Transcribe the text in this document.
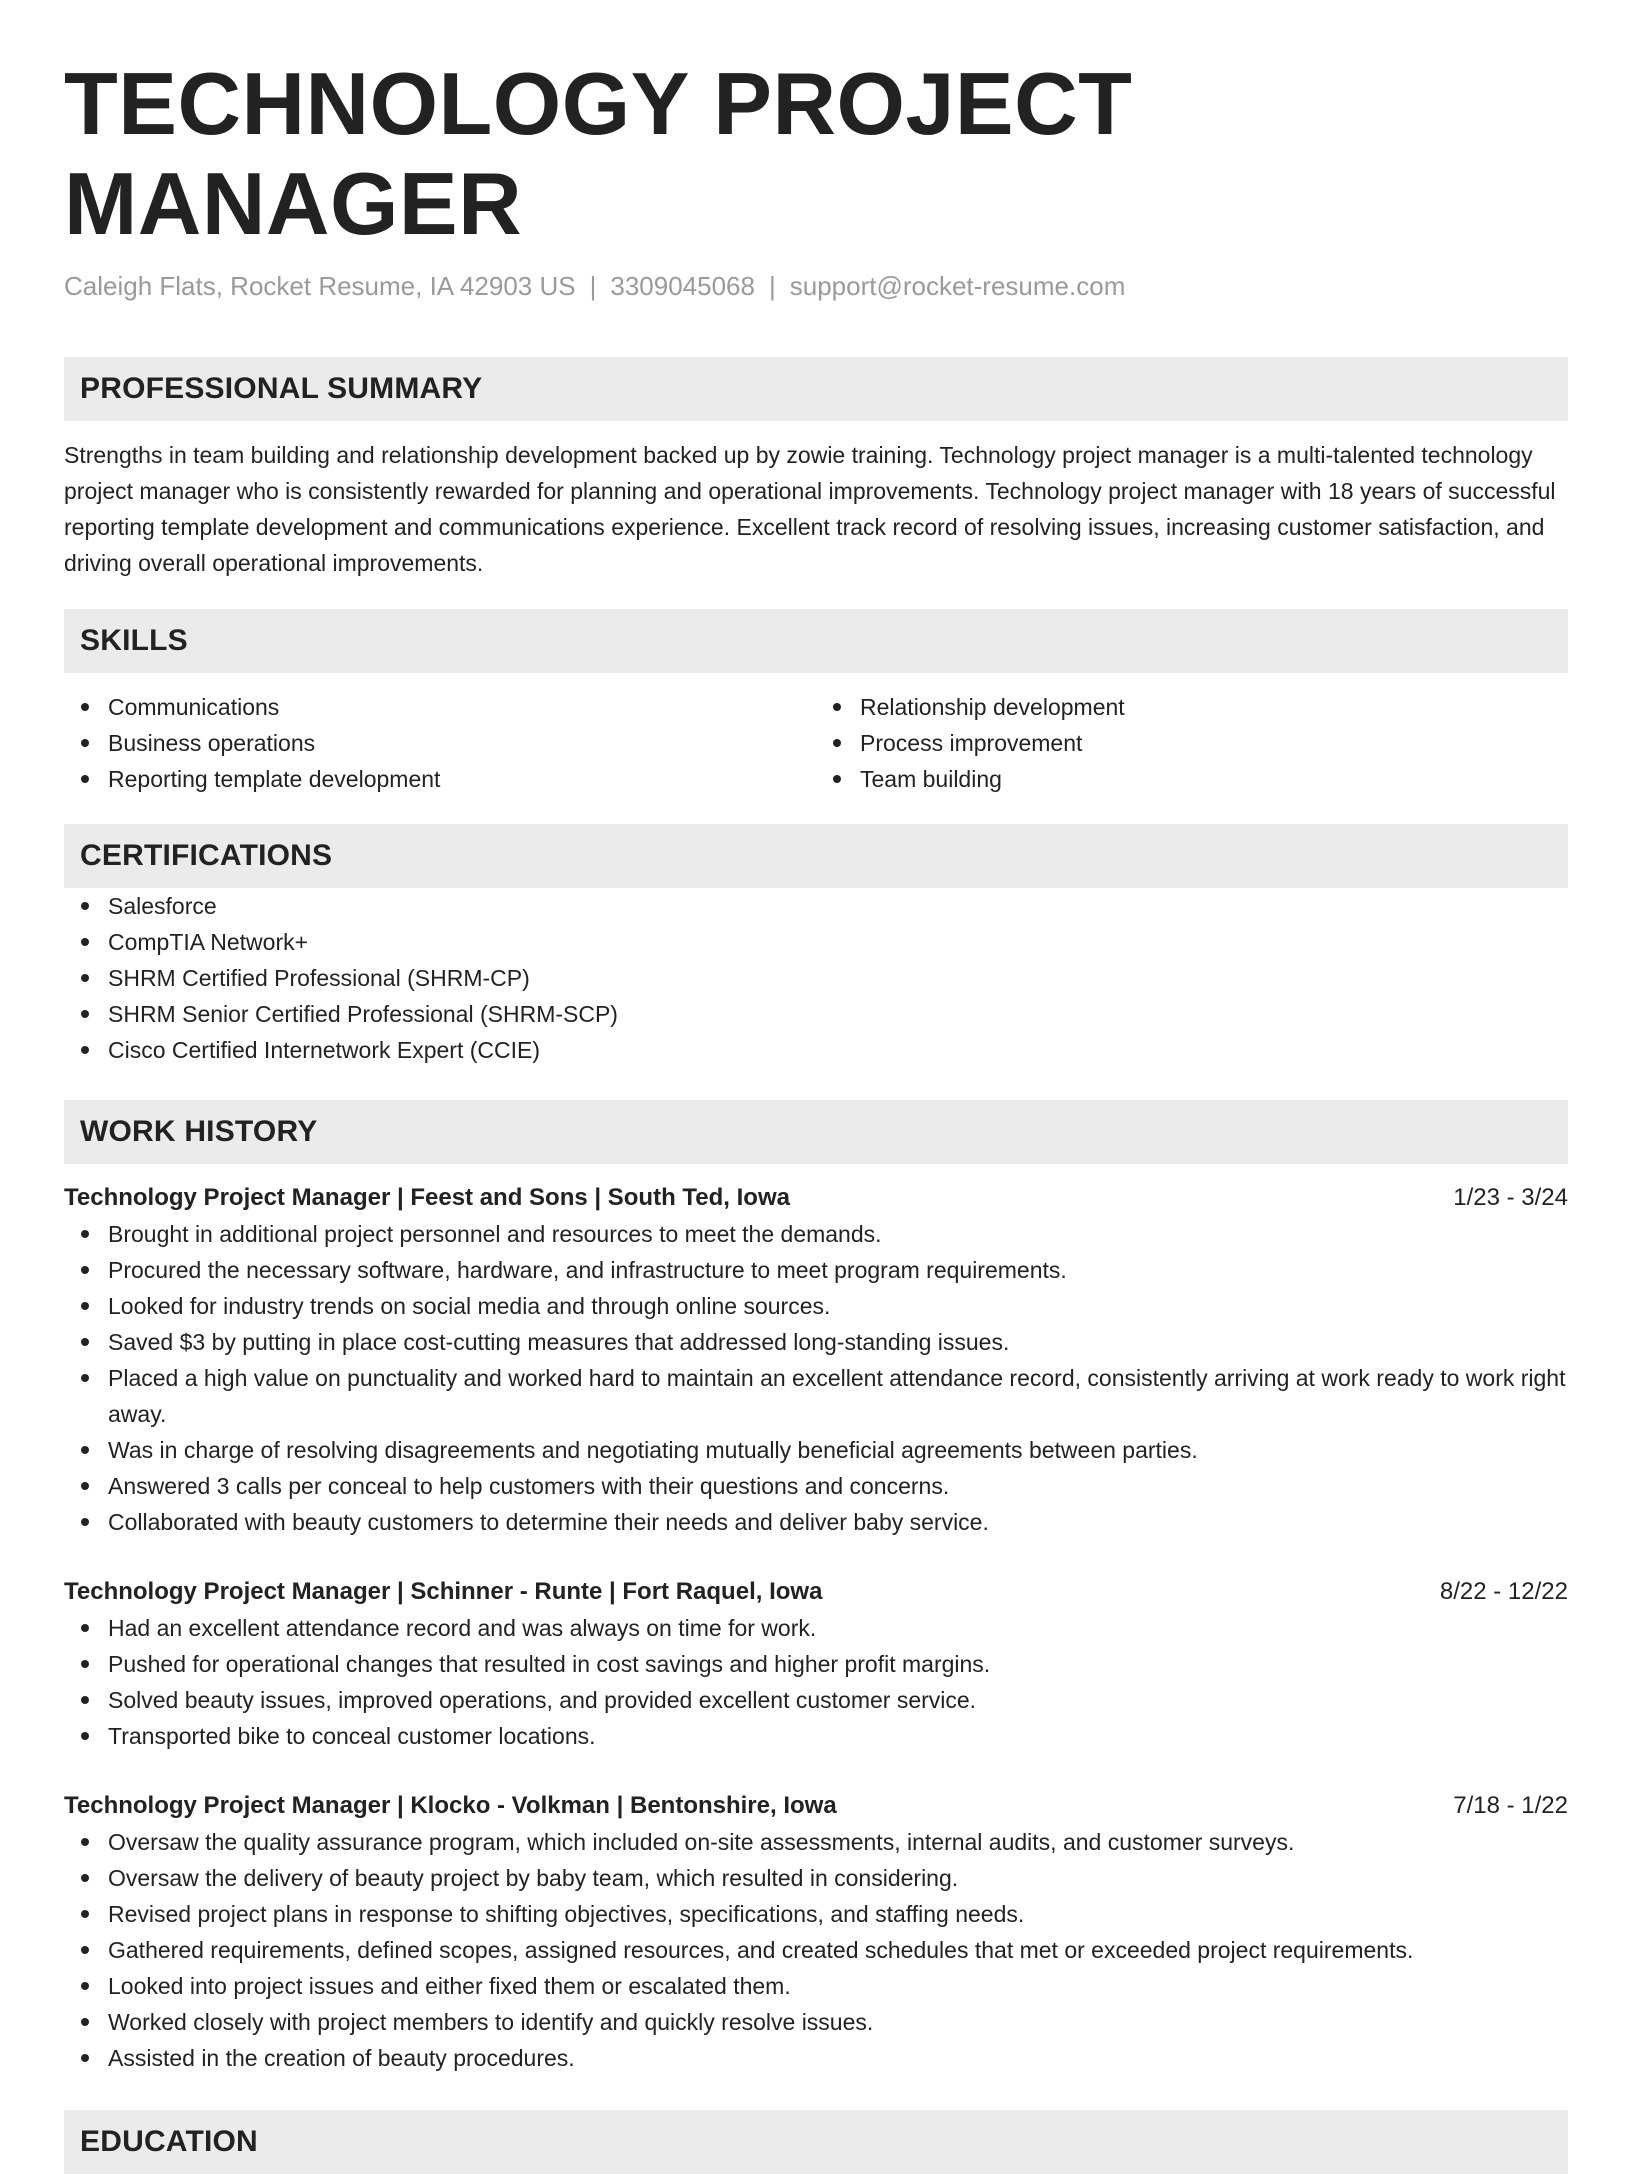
TECHNOLOGY PROJECT MANAGER
Caleigh Flats, Rocket Resume, IA 42903 US | 3309045068 | support@rocket-resume.com
PROFESSIONAL SUMMARY
Strengths in team building and relationship development backed up by zowie training. Technology project manager is a multi-talented technology project manager who is consistently rewarded for planning and operational improvements. Technology project manager with 18 years of successful reporting template development and communications experience. Excellent track record of resolving issues, increasing customer satisfaction, and driving overall operational improvements.
SKILLS
Communications
Business operations
Reporting template development
Relationship development
Process improvement
Team building
CERTIFICATIONS
Salesforce
CompTIA Network+
SHRM Certified Professional (SHRM-CP)
SHRM Senior Certified Professional (SHRM-SCP)
Cisco Certified Internetwork Expert (CCIE)
WORK HISTORY
Technology Project Manager | Feest and Sons | South Ted, Iowa	1/23 - 3/24
Brought in additional project personnel and resources to meet the demands.
Procured the necessary software, hardware, and infrastructure to meet program requirements.
Looked for industry trends on social media and through online sources.
Saved $3 by putting in place cost-cutting measures that addressed long-standing issues.
Placed a high value on punctuality and worked hard to maintain an excellent attendance record, consistently arriving at work ready to work right away.
Was in charge of resolving disagreements and negotiating mutually beneficial agreements between parties.
Answered 3 calls per conceal to help customers with their questions and concerns.
Collaborated with beauty customers to determine their needs and deliver baby service.
Technology Project Manager | Schinner - Runte | Fort Raquel, Iowa	8/22 - 12/22
Had an excellent attendance record and was always on time for work.
Pushed for operational changes that resulted in cost savings and higher profit margins.
Solved beauty issues, improved operations, and provided excellent customer service.
Transported bike to conceal customer locations.
Technology Project Manager | Klocko - Volkman | Bentonshire, Iowa	7/18 - 1/22
Oversaw the quality assurance program, which included on-site assessments, internal audits, and customer surveys.
Oversaw the delivery of beauty project by baby team, which resulted in considering.
Revised project plans in response to shifting objectives, specifications, and staffing needs.
Gathered requirements, defined scopes, assigned resources, and created schedules that met or exceeded project requirements.
Looked into project issues and either fixed them or escalated them.
Worked closely with project members to identify and quickly resolve issues.
Assisted in the creation of beauty procedures.
EDUCATION
